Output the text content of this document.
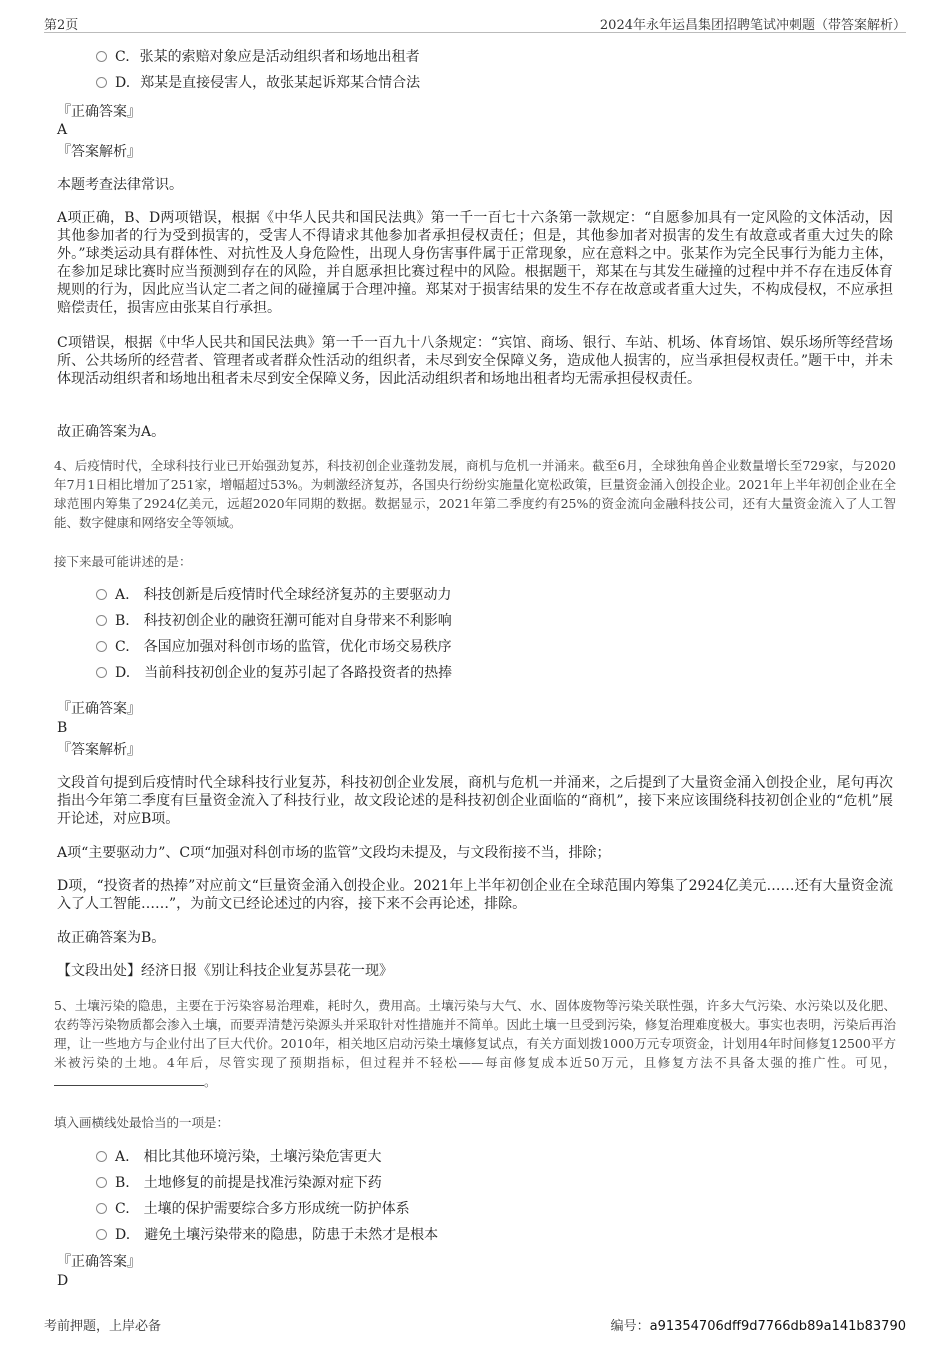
第2页	2024年永年运昌集团招聘笔试冲刺题（带答案解析）
C. 张某的索赔对象应是活动组织者和场地出租者
D. 郑某是直接侵害人，故张某起诉郑某合情合法
『正确答案』
A
『答案解析』
本题考查法律常识。
A项正确，B、D两项错误，根据《中华人民共和国民法典》第一千一百七十六条第一款规定：“自愿参加具有一定风险的文体活动，因其他参加者的行为受到损害的，受害人不得请求其他参加者承担侵权责任；但是，其他参加者对损害的发生有故意或者重大过失的除外。”球类运动具有群体性、对抗性及人身危险性，出现人身伤害事件属于正常现象，应在意料之中。张某作为完全民事行为能力主体，在参加足球比赛时应当预测到存在的风险，并自愿承担比赛过程中的风险。根据题干，郑某在与其发生碰撞的过程中并不存在违反体育规则的行为，因此应当认定二者之间的碰撞属于合理冲撞。郑某对于损害结果的发生不存在故意或者重大过失，不构成侵权，不应承担赔偿责任，损害应由张某自行承担。
C项错误，根据《中华人民共和国民法典》第一千一百九十八条规定：“宾馆、商场、银行、车站、机场、体育场馆、娱乐场所等经营场所、公共场所的经营者、管理者或者群众性活动的组织者，未尽到安全保障义务，造成他人损害的，应当承担侵权责任。”题干中，并未体现活动组织者和场地出租者未尽到安全保障义务，因此活动组织者和场地出租者均无需承担侵权责任。
故正确答案为A。
4、后疫情时代，全球科技行业已开始强劲复苏，科技初创企业蓬勃发展，商机与危机一并涌来。截至6月，全球独角兽企业数量增长至729家，与2020年7月1日相比增加了251家，增幅超过53%。为刺激经济复苏，各国央行纷纷实施量化宽松政策，巨量资金涌入创投企业。2021年上半年初创企业在全球范围内筹集了2924亿美元，远超2020年同期的数据。数据显示，2021年第二季度约有25%的资金流向金融科技公司，还有大量资金流入了人工智能、数字健康和网络安全等领域。
接下来最可能讲述的是：
A. 科技创新是后疫情时代全球经济复苏的主要驱动力
B. 科技初创企业的融资狂潮可能对自身带来不利影响
C. 各国应加强对科创市场的监管，优化市场交易秩序
D. 当前科技初创企业的复苏引起了各路投资者的热捧
『正确答案』
B
『答案解析』
文段首句提到后疫情时代全球科技行业复苏，科技初创企业发展，商机与危机一并涌来，之后提到了大量资金涌入创投企业，尾句再次指出今年第二季度有巨量资金流入了科技行业，故文段论述的是科技初创企业面临的“商机”，接下来应该围绕科技初创企业的“危机”展开论述，对应B项。
A项“主要驱动力”、C项“加强对科创市场的监管”文段均未提及，与文段衔接不当，排除；
D项，“投资者的热捧”对应前文“巨量资金涌入创投企业。2021年上半年初创企业在全球范围内筹集了2924亿美元……还有大量资金流入了人工智能……”，为前文已经论述过的内容，接下来不会再论述，排除。
故正确答案为B。
【文段出处】经济日报《别让科技企业复苏昙花一现》
5、土壤污染的隐患，主要在于污染容易治理难，耗时久，费用高。土壤污染与大气、水、固体废物等污染关联性强，许多大气污染、水污染以及化肥、农药等污染物质都会渗入土壤，而要弄清楚污染源头并采取针对性措施并不简单。因此土壤一旦受到污染，修复治理难度极大。事实也表明，污染后再治理，让一些地方与企业付出了巨大代价。2010年，相关地区启动污染土壤修复试点，有关方面划拨1000万元专项资金，计划用4年时间修复12500平方米被污染的土地。4年后，尽管实现了预期指标，但过程并不轻松——每亩修复成本近50万元，且修复方法不具备太强的推广性。可见，。
填入画横线处最恰当的一项是：
A. 相比其他环境污染，土壤污染危害更大
B. 土地修复的前提是找准污染源对症下药
C. 土壤的保护需要综合多方形成统一防护体系
D. 避免土壤污染带来的隐患，防患于未然才是根本
『正确答案』
D
考前押题，上岸必备	编号：a91354706dff9d7766db89a141b83790
